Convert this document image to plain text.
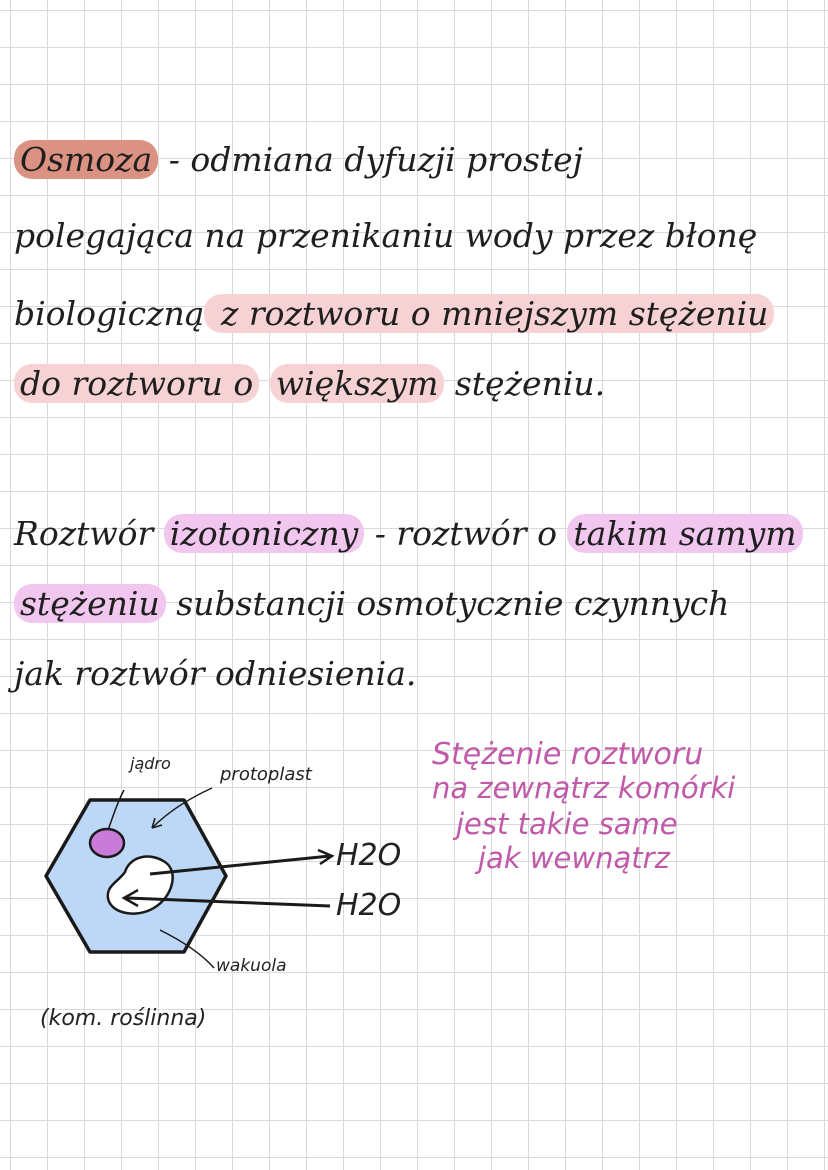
Osmoza - odmiana dyfuzji prostej
polegająca na przenikaniu wody przez błonę
biologiczną z roztworu o mniejszym stężeniu
do roztworu o większym stężeniu.
Roztwór izotoniczny - roztwór o takim samym
stężeniu substancji osmotycznie czynnych
jak roztwór odniesienia.
Stężenie roztworu
na zewnątrz komórki
jest takie same
jak wewnątrz
jądro
protoplast
H2O
H2O
wakuola
(kom. roślinna)
